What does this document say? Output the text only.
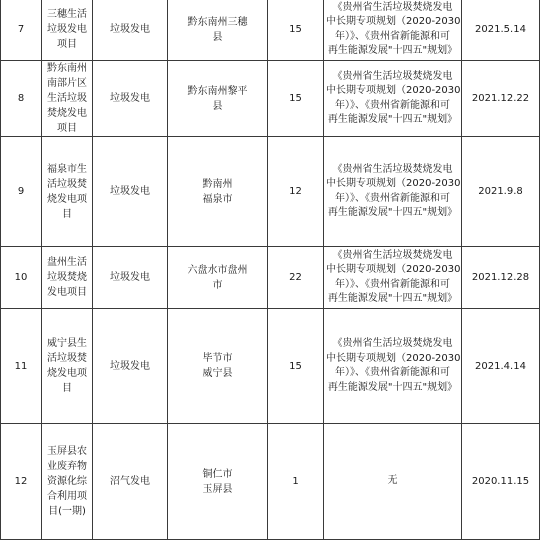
7	三穗生活
垃圾发电
项目	垃圾发电	黔东南州三穗
县	15	《贵州省生活垃圾焚烧发电
中长期专项规划（2020-2030
年）》、《贵州省新能源和可
再生能源发展"十四五"规划》	2021.5.14
8	黔东南州
南部片区
生活垃圾
焚烧发电
项目	垃圾发电	黔东南州黎平
县	15	《贵州省生活垃圾焚烧发电
中长期专项规划（2020-2030
年）》、《贵州省新能源和可
再生能源发展"十四五"规划》	2021.12.22
9	福泉市生
活垃圾焚
烧发电项
目	垃圾发电	黔南州
福泉市	12	《贵州省生活垃圾焚烧发电
中长期专项规划（2020-2030
年）》、《贵州省新能源和可
再生能源发展"十四五"规划》	2021.9.8
10	盘州生活
垃圾焚烧
发电项目	垃圾发电	六盘水市盘州
市	22	《贵州省生活垃圾焚烧发电
中长期专项规划（2020-2030
年）》、《贵州省新能源和可
再生能源发展"十四五"规划》	2021.12.28
11	威宁县生
活垃圾焚
烧发电项
目	垃圾发电	毕节市
威宁县	15	《贵州省生活垃圾焚烧发电
中长期专项规划（2020-2030
年）》、《贵州省新能源和可
再生能源发展"十四五"规划》	2021.4.14
12	玉屏县农
业废弃物
资源化综
合利用项
目(一期)	沼气发电	铜仁市
玉屏县	1	无	2020.11.15
